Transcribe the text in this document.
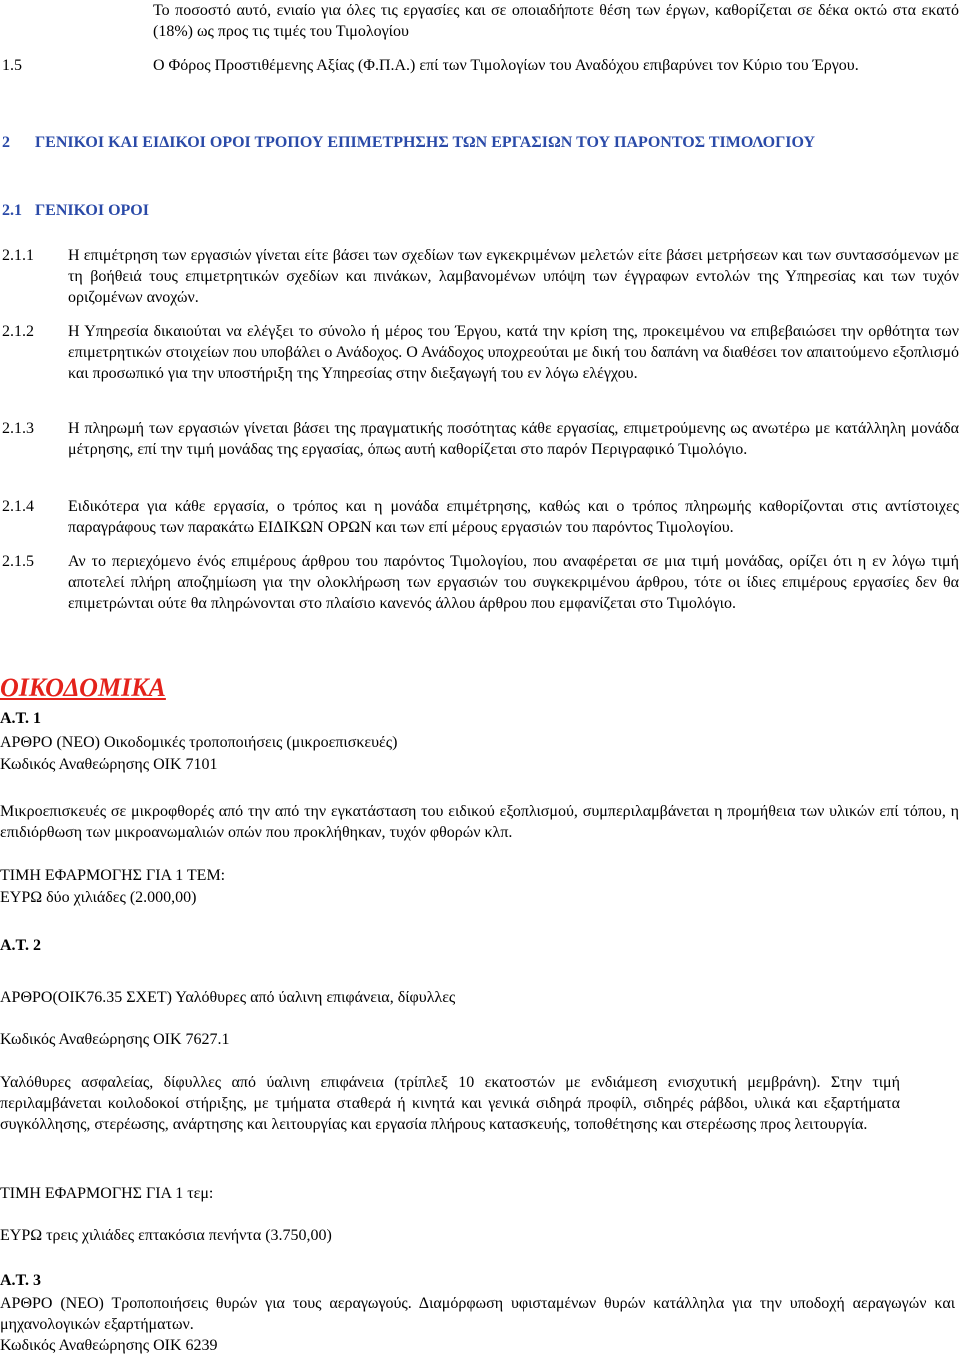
Το ποσοστό αυτό, ενιαίο για όλες τις εργασίες και σε οποιαδήποτε θέση των έργων, καθορίζεται σε δέκα οκτώ στα εκατό (18%) ως προς τις τιμές του Τιμολογίου

1.5	Ο Φόρος Προστιθέμενης Αξίας (Φ.Π.Α.) επί των Τιμολογίων του Αναδόχου επιβαρύνει τον Κύριο του Έργου.

2 ΓΕΝΙΚΟΙ ΚΑΙ ΕΙΔΙΚΟΙ ΟΡΟΙ ΤΡΟΠΟΥ ΕΠΙΜΕΤΡΗΣΗΣ ΤΩΝ ΕΡΓΑΣΙΩΝ ΤΟΥ ΠΑΡΟΝΤΟΣ ΤΙΜΟΛΟΓΙΟΥ

2.1 ΓΕΝΙΚΟΙ ΟΡΟΙ

2.1.1 Η επιμέτρηση των εργασιών γίνεται είτε βάσει των σχεδίων των εγκεκριμένων μελετών είτε βάσει μετρήσεων και των συντασσόμενων με τη βοήθειά τους επιμετρητικών σχεδίων και πινάκων, λαμβανομένων υπόψη των έγγραφων εντολών της Υπηρεσίας και των τυχόν οριζομένων ανοχών.

2.1.2 Η Υπηρεσία δικαιούται να ελέγξει το σύνολο ή μέρος του Έργου, κατά την κρίση της, προκειμένου να επιβεβαιώσει την ορθότητα των επιμετρητικών στοιχείων που υποβάλει ο Ανάδοχος. Ο Ανάδοχος υποχρεούται με δική του δαπάνη να διαθέσει τον απαιτούμενο εξοπλισμό και προσωπικό για την υποστήριξη της Υπηρεσίας στην διεξαγωγή του εν λόγω ελέγχου.

2.1.3 Η πληρωμή των εργασιών γίνεται βάσει της πραγματικής ποσότητας κάθε εργασίας, επιμετρούμενης ως ανωτέρω με κατάλληλη μονάδα μέτρησης, επί την τιμή μονάδας της εργασίας, όπως αυτή καθορίζεται στο παρόν Περιγραφικό Τιμολόγιο.

2.1.4 Ειδικότερα για κάθε εργασία, ο τρόπος και η μονάδα επιμέτρησης, καθώς και ο τρόπος πληρωμής καθορίζονται στις αντίστοιχες παραγράφους των παρακάτω ΕΙΔΙΚΩΝ ΟΡΩΝ και των επί μέρους εργασιών του παρόντος Τιμολογίου.

2.1.5 Αν το περιεχόμενο ένός επιμέρους άρθρου του παρόντος Τιμολογίου, που αναφέρεται σε μια τιμή μονάδας, ορίζει ότι η εν λόγω τιμή αποτελεί πλήρη αποζημίωση για την ολοκλήρωση των εργασιών του συγκεκριμένου άρθρου, τότε οι ίδιες επιμέρους εργασίες δεν θα επιμετρώνται ούτε θα πληρώνονται στο πλαίσιο κανενός άλλου άρθρου που εμφανίζεται στο Τιμολόγιο.

ΟΙΚΟΔΟΜΙΚΑ
Α.Τ. 1
ΑΡΘΡΟ (ΝΕΟ) Οικοδομικές τροποποιήσεις (μικροεπισκευές)
Κωδικός Αναθεώρησης ΟΙΚ 7101

Μικροεπισκευές σε μικροφθορές από την από την εγκατάσταση του ειδικού εξοπλισμού, συμπεριλαμβάνεται η προμήθεια των υλικών επί τόπου, η επιδιόρθωση των μικροανωμαλιών οπών που προκλήθηκαν, τυχόν φθορών κλπ.

ΤΙΜΗ ΕΦΑΡΜΟΓΗΣ ΓΙΑ 1 ΤΕΜ:
ΕΥΡΩ δύο χιλιάδες (2.000,00)
Α.Τ. 2
ΑΡΘΡΟ(ΟΙΚ76.35 ΣΧΕΤ) Υαλόθυρες από ύαλινη επιφάνεια, δίφυλλες
Κωδικός Αναθεώρησης ΟΙΚ 7627.1

Υαλόθυρες ασφαλείας, δίφυλλες από ύαλινη επιφάνεια (τρίπλεξ 10 εκατοστών με ενδιάμεση ενισχυτική μεμβράνη). Στην τιμή περιλαμβάνεται κοιλοδοκοί στήριξης, με τμήματα σταθερά ή κινητά και γενικά σιδηρά προφίλ, σιδηρές ράβδοι, υλικά και εξαρτήματα συγκόλλησης, στερέωσης, ανάρτησης και λειτουργίας και εργασία πλήρους κατασκευής, τοποθέτησης και στερέωσης προς λειτουργία.

ΤΙΜΗ ΕΦΑΡΜΟΓΗΣ ΓΙΑ 1 τεμ:
ΕΥΡΩ τρεις χιλιάδες επτακόσια πενήντα (3.750,00)
Α.Τ. 3

ΑΡΘΡΟ (ΝΕΟ) Τροποποιήσεις θυρών για τους αεραγωγούς. Διαμόρφωση υφισταμένων θυρών κατάλληλα για την υποδοχή αεραγωγών και μηχανολογικών εξαρτήματων.

Κωδικός Αναθεώρησης ΟΙΚ 6239
